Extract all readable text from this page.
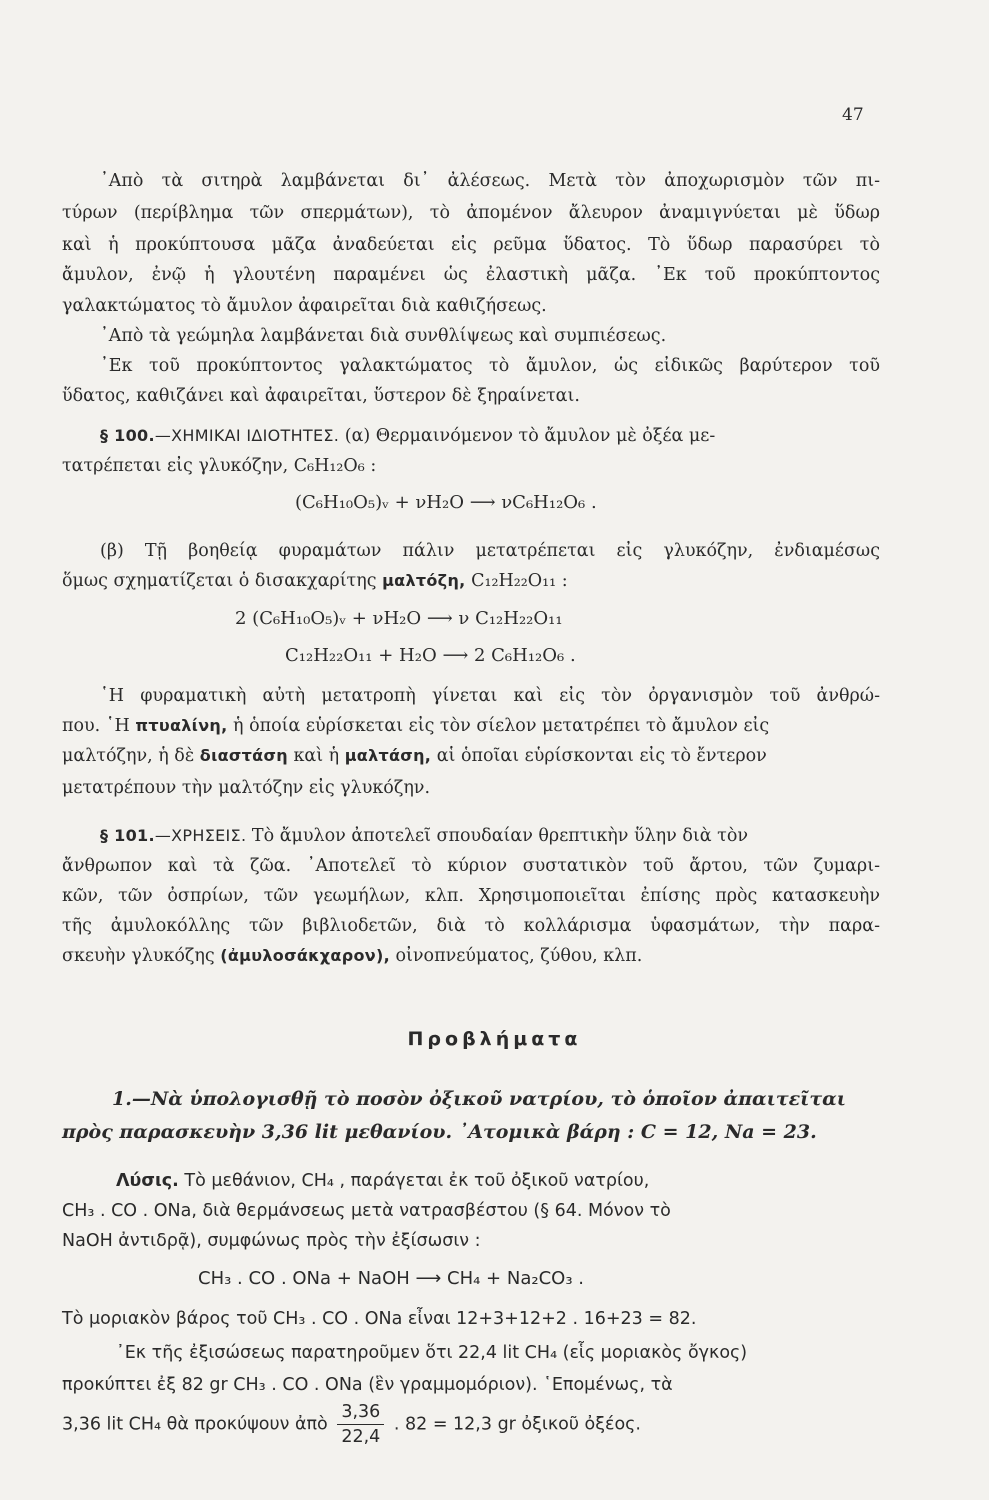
47
᾿Απὸ τὰ σιτηρὰ λαμβάνεται δι᾿ ἀλέσεως. Μετὰ τὸν ἀποχωρισμὸν τῶν πι-
τύρων (περίβλημα τῶν σπερμάτων), τὸ ἀπομένον ἄλευρον ἀναμιγνύεται μὲ ὕδωρ
καὶ ἡ προκύπτουσα μᾶζα ἀναδεύεται εἰς ρεῦμα ὕδατος. Τὸ ὕδωρ παρασύρει τὸ
ἄμυλον, ἐνῷ ἡ γλουτένη παραμένει ὡς ἐλαστικὴ μᾶζα. ᾿Εκ τοῦ προκύπτοντος
γαλακτώματος τὸ ἄμυλον ἀφαιρεῖται διὰ καθιζήσεως.
᾿Απὸ τὰ γεώμηλα λαμβάνεται διὰ συνθλίψεως καὶ συμπιέσεως.
᾿Εκ τοῦ προκύπτοντος γαλακτώματος τὸ ἄμυλον, ὡς εἰδικῶς βαρύτερον τοῦ
ὕδατος, καθιζάνει καὶ ἀφαιρεῖται, ὕστερον δὲ ξηραίνεται.
§ 100.—ΧΗΜΙΚΑΙ ΙΔΙΟΤΗΤΕΣ. (α) Θερμαινόμενον τὸ ἄμυλον μὲ ὀξέα με-
τατρέπεται εἰς γλυκόζην, C₆H₁₂O₆ :
(C₆H₁₀O₅)ᵥ + νH₂O ⟶ νC₆H₁₂O₆ .
(β) Τῇ βοηθείᾳ φυραμάτων πάλιν μετατρέπεται εἰς γλυκόζην, ἐνδιαμέσως
ὅμως σχηματίζεται ὁ δισακχαρίτης μαλτόζη, C₁₂H₂₂O₁₁ :
2 (C₆H₁₀O₅)ᵥ + νH₂O ⟶ ν C₁₂H₂₂O₁₁
C₁₂H₂₂O₁₁ + H₂O ⟶ 2 C₆H₁₂O₆ .
῾Η φυραματικὴ αὐτὴ μετατροπὴ γίνεται καὶ εἰς τὸν ὀργανισμὸν τοῦ ἀνθρώ-
που. ῾Η πτυαλίνη, ἡ ὁποία εὑρίσκεται εἰς τὸν σίελον μετατρέπει τὸ ἄμυλον εἰς
μαλτόζην, ἡ δὲ διαστάση καὶ ἡ μαλτάση, αἱ ὁποῖαι εὑρίσκονται εἰς τὸ ἔντερον
μετατρέπουν τὴν μαλτόζην εἰς γλυκόζην.
§ 101.—ΧΡΗΣΕΙΣ. Τὸ ἄμυλον ἀποτελεῖ σπουδαίαν θρεπτικὴν ὕλην διὰ τὸν
ἄνθρωπον καὶ τὰ ζῶα. ᾿Αποτελεῖ τὸ κύριον συστατικὸν τοῦ ἄρτου, τῶν ζυμαρι-
κῶν, τῶν ὀσπρίων, τῶν γεωμήλων, κλπ. Χρησιμοποιεῖται ἐπίσης πρὸς κατασκευὴν
τῆς ἀμυλοκόλλης τῶν βιβλιοδετῶν, διὰ τὸ κολλάρισμα ὑφασμάτων, τὴν παρα-
σκευὴν γλυκόζης (ἀμυλοσάκχαρον), οἰνοπνεύματος, ζύθου, κλπ.
Προβλήματα
1.—Νὰ ὑπολογισθῇ τὸ ποσὸν ὀξικοῦ νατρίου, τὸ ὁποῖον ἀπαιτεῖται
πρὸς παρασκευὴν 3,36 lit μεθανίου. ᾿Ατομικὰ βάρη : C = 12, Na = 23.
Λύσις. Τὸ μεθάνιον, CH₄ , παράγεται ἐκ τοῦ ὀξικοῦ νατρίου,
CH₃ . CO . ONa, διὰ θερμάνσεως μετὰ νατρασβέστου (§ 64. Μόνον τὸ
NaOH ἀντιδρᾷ), συμφώνως πρὸς τὴν ἐξίσωσιν :
CH₃ . CO . ONa + NaOH ⟶ CH₄ + Na₂CO₃ .
Τὸ μοριακὸν βάρος τοῦ CH₃ . CO . ONa εἶναι 12+3+12+2 . 16+23 = 82.
᾿Εκ τῆς ἐξισώσεως παρατηροῦμεν ὅτι 22,4 lit CH₄ (εἷς μοριακὸς ὄγκος)
προκύπτει ἐξ 82 gr CH₃ . CO . ONa (ἓν γραμμομόριον). ῾Επομένως, τὰ
3,36 lit CH₄ θὰ προκύψουν ἀπὸ $\frac{3,36}{22,4}$ . 82 = 12,3 gr ὀξικοῦ ὀξέος.
